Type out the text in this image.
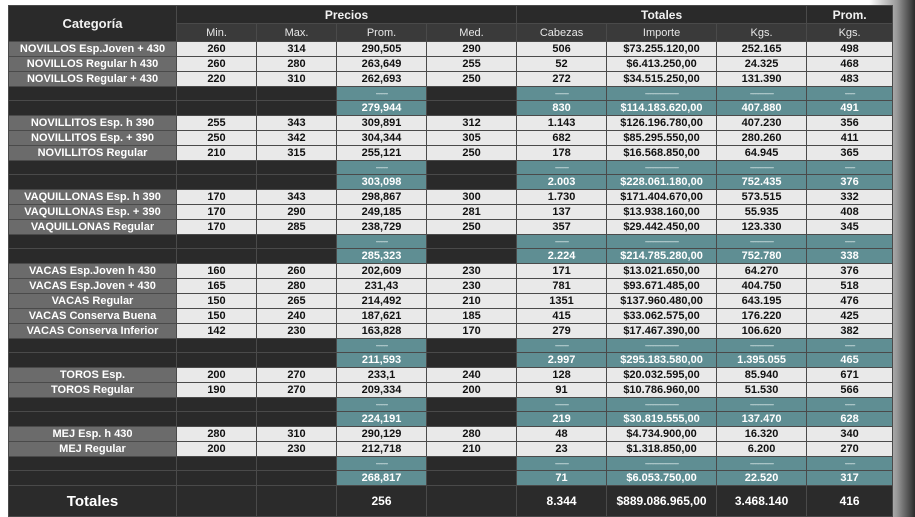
Categoría	Precios				Totales			Prom.
	Min.	Max.	Prom.	Med.	Cabezas	Importe	Kgs.	Kgs.
NOVILLOS Esp.Joven + 430	260	314	290,505	290	506	$73.255.120,00	252.165	498
NOVILLOS Regular h 430	260	280	263,649	255	52	$6.413.250,00	24.325	468
NOVILLOS Regular + 430	220	310	262,693	250	272	$34.515.250,00	131.390	483
			-------		--------	--------------------	--------------	------
			279,944		830	$114.183.620,00	407.880	491
NOVILLITOS Esp. h 390	255	343	309,891	312	1.143	$126.196.780,00	407.230	356
NOVILLITOS Esp. + 390	250	342	304,344	305	682	$85.295.550,00	280.260	411
NOVILLITOS Regular	210	315	255,121	250	178	$16.568.850,00	64.945	365
			-------		--------	--------------------	--------------	------
			303,098		2.003	$228.061.180,00	752.435	376
VAQUILLONAS Esp. h 390	170	343	298,867	300	1.730	$171.404.670,00	573.515	332
VAQUILLONAS Esp. + 390	170	290	249,185	281	137	$13.938.160,00	55.935	408
VAQUILLONAS Regular	170	285	238,729	250	357	$29.442.450,00	123.330	345
			-------		--------	--------------------	--------------	------
			285,323		2.224	$214.785.280,00	752.780	338
VACAS Esp.Joven h 430	160	260	202,609	230	171	$13.021.650,00	64.270	376
VACAS Esp.Joven + 430	165	280	231,43	230	781	$93.671.485,00	404.750	518
VACAS Regular	150	265	214,492	210	1351	$137.960.480,00	643.195	476
VACAS Conserva Buena	150	240	187,621	185	415	$33.062.575,00	176.220	425
VACAS Conserva Inferior	142	230	163,828	170	279	$17.467.390,00	106.620	382
			-------		--------	--------------------	--------------	------
			211,593		2.997	$295.183.580,00	1.395.055	465
TOROS Esp.	200	270	233,1	240	128	$20.032.595,00	85.940	671
TOROS Regular	190	270	209,334	200	91	$10.786.960,00	51.530	566
			-------		--------	--------------------	--------------	------
			224,191		219	$30.819.555,00	137.470	628
MEJ Esp. h 430	280	310	290,129	280	48	$4.734.900,00	16.320	340
MEJ Regular	200	230	212,718	210	23	$1.318.850,00	6.200	270
			-------		--------	--------------------	--------------	------
			268,817		71	$6.053.750,00	22.520	317
Totales			256		8.344	$889.086.965,00	3.468.140	416
